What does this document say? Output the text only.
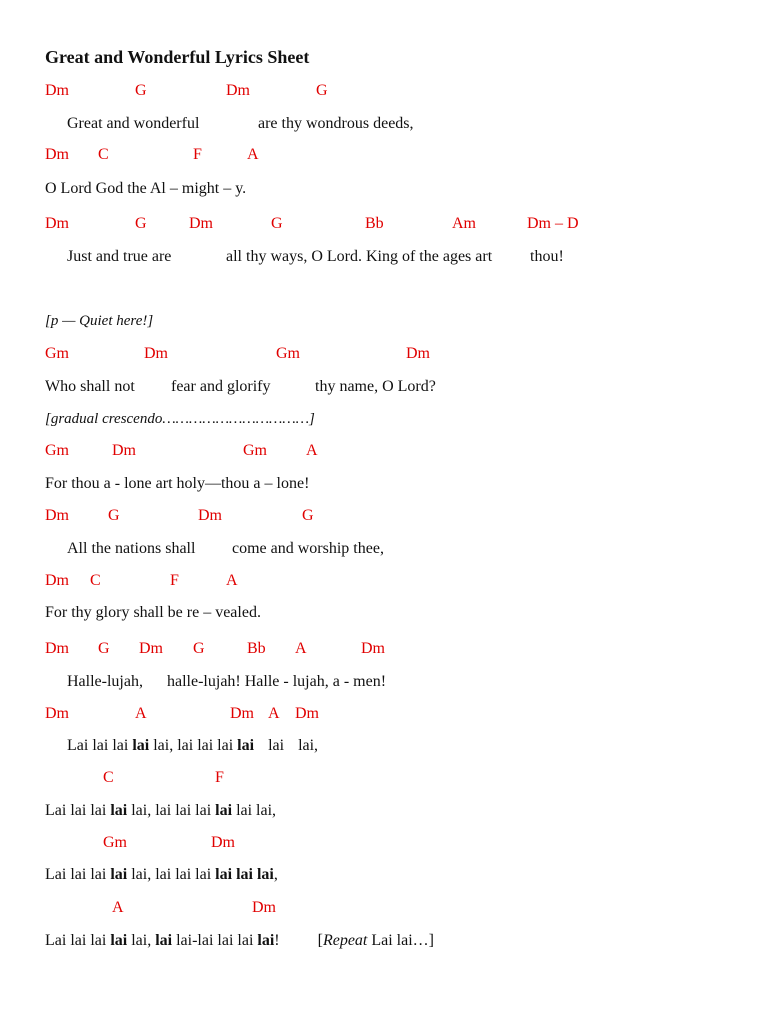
Great and Wonderful Lyrics Sheet
Dm	G	Dm	G
Great and wonderful	are thy wondrous deeds,
Dm C	F	A
O Lord God the Al – might – y.
Dm	G	Dm	G	Bb	Am	Dm – D
Just and true are	all thy ways, O Lord. King of the ages art thou!
[p — Quiet here!]
Gm	Dm	Gm	Dm
Who shall not fear and glorify	thy name, O Lord?
[gradual crescendo……………………………]
Gm	Dm	Gm A
For thou a - lone art holy—thou a – lone!
Dm G	Dm	G
All the nations shall come and worship thee,
Dm C	F	A
For thy glory shall be re – vealed.
Dm G Dm G	Bb A	Dm
Halle-lujah, halle-lujah! Halle - lujah, a - men!
Dm	A	Dm A Dm
Lai lai lai lai lai, lai lai lai lai lai lai,
C	F
Lai lai lai lai lai, lai lai lai lai lai lai,
Gm	Dm
Lai lai lai lai lai, lai lai lai lai lai lai,
A	Dm
Lai lai lai lai lai, lai lai-lai lai lai lai! [Repeat Lai lai…]
